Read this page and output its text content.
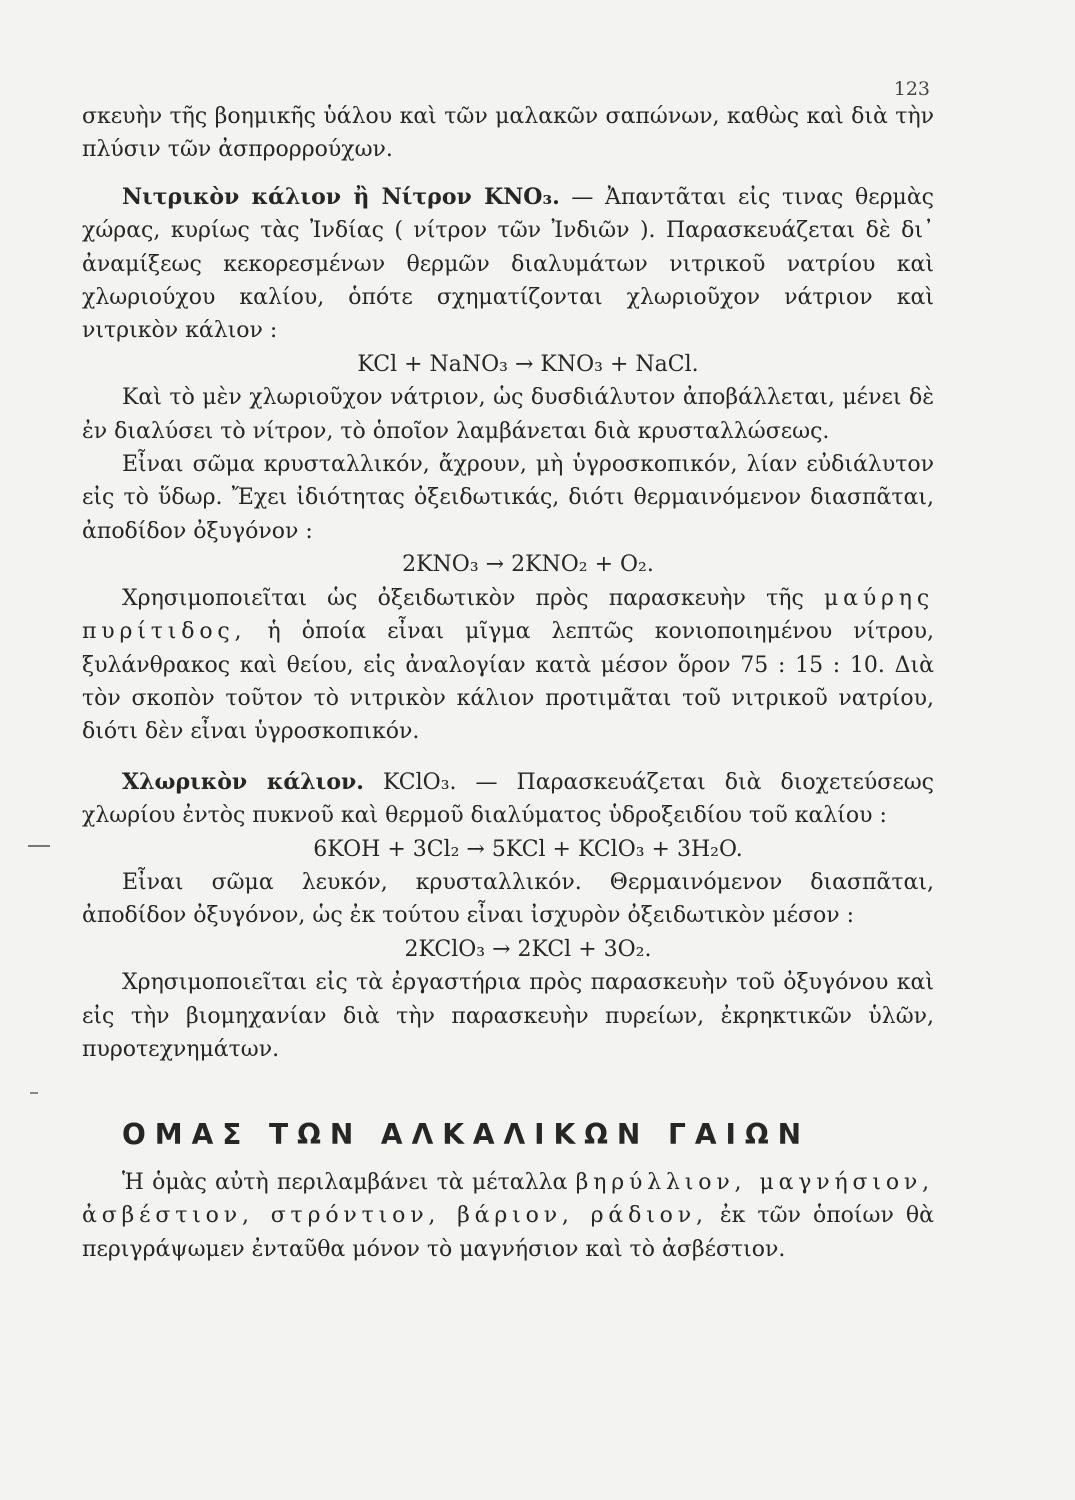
123

σκευὴν τῆς βοημικῆς ὑάλου καὶ τῶν μαλακῶν σαπώνων, καθὼς καὶ διὰ τὴν πλύσιν τῶν ἀσπρορρούχων.

Νιτρικὸν κάλιον ἢ Νίτρον KNO₃. — Ἀπαντᾶται εἰς τινας θερμὰς χώρας, κυρίως τὰς Ἰνδίας ( νίτρον τῶν Ἰνδιῶν ). Παρασκευάζεται δὲ δι᾽ ἀναμίξεως κεκορεσμένων θερμῶν διαλυμάτων νιτρικοῦ νατρίου καὶ χλωριούχου καλίου, ὁπότε σχηματίζονται χλωριοῦχον νάτριον καὶ νιτρικὸν κάλιον :

KCl + NaNO₃ → KNO₃ + NaCl.

Καὶ τὸ μὲν χλωριοῦχον νάτριον, ὡς δυσδιάλυτον ἀποβάλλεται, μένει δὲ ἐν διαλύσει τὸ νίτρον, τὸ ὁποῖον λαμβάνεται διὰ κρυσταλλώσεως.

Εἶναι σῶμα κρυσταλλικόν, ἄχρουν, μὴ ὑγροσκοπικόν, λίαν εὐδιάλυτον εἰς τὸ ὕδωρ. Ἔχει ἰδιότητας ὀξειδωτικάς, διότι θερμαινόμενον διασπᾶται, ἀποδίδον ὀξυγόνον :

2KNO₃ → 2KNO₂ + O₂.

Χρησιμοποιεῖται ὡς ὀξειδωτικὸν πρὸς παρασκευὴν τῆς μαύρης πυρίτιδος, ἡ ὁποία εἶναι μῖγμα λεπτῶς κονιοποιημένου νίτρου, ξυλάνθρακος καὶ θείου, εἰς ἀναλογίαν κατὰ μέσον ὅρον 75 : 15 : 10. Διὰ τὸν σκοπὸν τοῦτον τὸ νιτρικὸν κάλιον προτιμᾶται τοῦ νιτρικοῦ νατρίου, διότι δὲν εἶναι ὑγροσκοπικόν.

Χλωρικὸν κάλιον. KClO₃. — Παρασκευάζεται διὰ διοχετεύσεως χλωρίου ἐντὸς πυκνοῦ καὶ θερμοῦ διαλύματος ὑδροξειδίου τοῦ καλίου :

6KOH + 3Cl₂ → 5KCl + KClO₃ + 3H₂O.

Εἶναι σῶμα λευκόν, κρυσταλλικόν. Θερμαινόμενον διασπᾶται, ἀποδίδον ὀξυγόνον, ὡς ἐκ τούτου εἶναι ἰσχυρὸν ὀξειδωτικὸν μέσον :

2KClO₃ → 2KCl + 3O₂.

Χρησιμοποιεῖται εἰς τὰ ἐργαστήρια πρὸς παρασκευὴν τοῦ ὀξυγόνου καὶ εἰς τὴν βιομηχανίαν διὰ τὴν παρασκευὴν πυρείων, ἐκρηκτικῶν ὑλῶν, πυροτεχνημάτων.

ΟΜΑΣ ΤΩΝ ΑΛΚΑΛΙΚΩΝ ΓΑΙΩΝ

Ἡ ὁμὰς αὐτὴ περιλαμβάνει τὰ μέταλλα βηρύλλιον, μαγνήσιον, ἀσβέστιον, στρόντιον, βάριον, ράδιον, ἐκ τῶν ὁποίων θὰ περιγράψωμεν ἐνταῦθα μόνον τὸ μαγνήσιον καὶ τὸ ἀσβέστιον.
